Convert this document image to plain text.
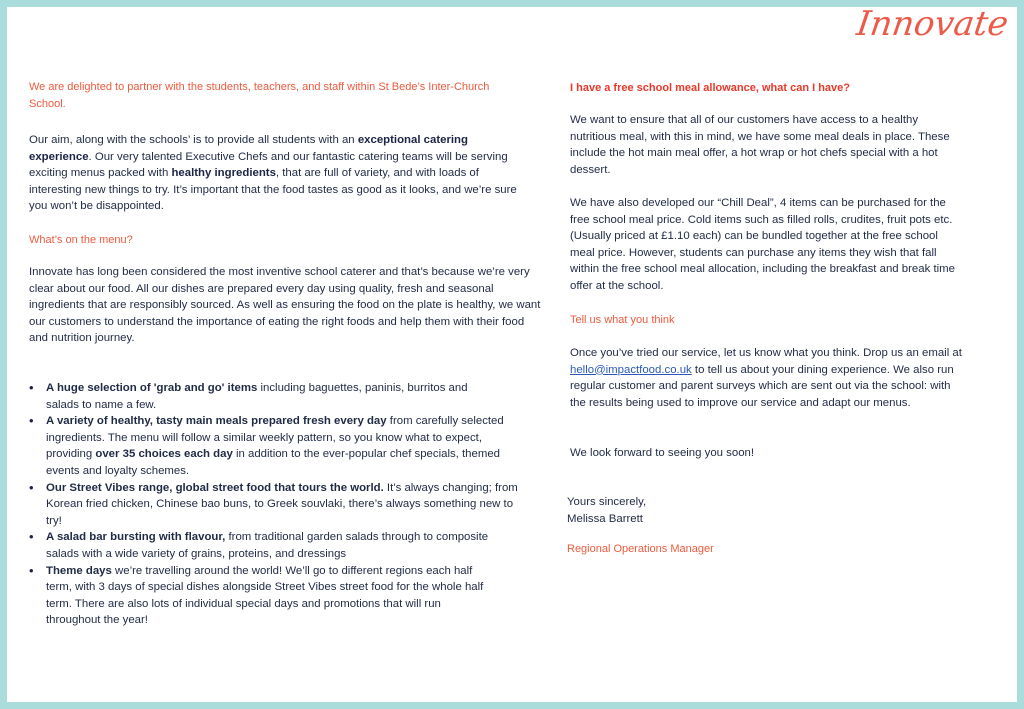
Innovate

We are delighted to partner with the students, teachers, and staff within St Bede’s Inter-Church School.

Our aim, along with the schools’ is to provide all students with an exceptional catering experience. Our very talented Executive Chefs and our fantastic catering teams will be serving exciting menus packed with healthy ingredients, that are full of variety, and with loads of interesting new things to try. It’s important that the food tastes as good as it looks, and we’re sure you won’t be disappointed.

What’s on the menu?

Innovate has long been considered the most inventive school caterer and that’s because we’re very clear about our food. All our dishes are prepared every day using quality, fresh and seasonal ingredients that are responsibly sourced. As well as ensuring the food on the plate is healthy, we want our customers to understand the importance of eating the right foods and help them with their food and nutrition journey.

• A huge selection of 'grab and go' items including baguettes, paninis, burritos and salads to name a few.
• A variety of healthy, tasty main meals prepared fresh every day from carefully selected ingredients. The menu will follow a similar weekly pattern, so you know what to expect, providing over 35 choices each day in addition to the ever-popular chef specials, themed events and loyalty schemes.
• Our Street Vibes range, global street food that tours the world. It’s always changing; from Korean fried chicken, Chinese bao buns, to Greek souvlaki, there’s always something new to try!
• A salad bar bursting with flavour, from traditional garden salads through to composite salads with a wide variety of grains, proteins, and dressings
• Theme days we’re travelling around the world! We’ll go to different regions each half term, with 3 days of special dishes alongside Street Vibes street food for the whole half term. There are also lots of individual special days and promotions that will run throughout the year!

I have a free school meal allowance, what can I have?

We want to ensure that all of our customers have access to a healthy nutritious meal, with this in mind, we have some meal deals in place. These include the hot main meal offer, a hot wrap or hot chefs special with a hot dessert.

We have also developed our “Chill Deal”, 4 items can be purchased for the free school meal price. Cold items such as filled rolls, crudites, fruit pots etc. (Usually priced at £1.10 each) can be bundled together at the free school meal price. However, students can purchase any items they wish that fall within the free school meal allocation, including the breakfast and break time offer at the school.

Tell us what you think

Once you’ve tried our service, let us know what you think. Drop us an email at hello@impactfood.co.uk to tell us about your dining experience. We also run regular customer and parent surveys which are sent out via the school: with the results being used to improve our service and adapt our menus.

We look forward to seeing you soon!

Yours sincerely,

Melissa Barrett

Regional Operations Manager
